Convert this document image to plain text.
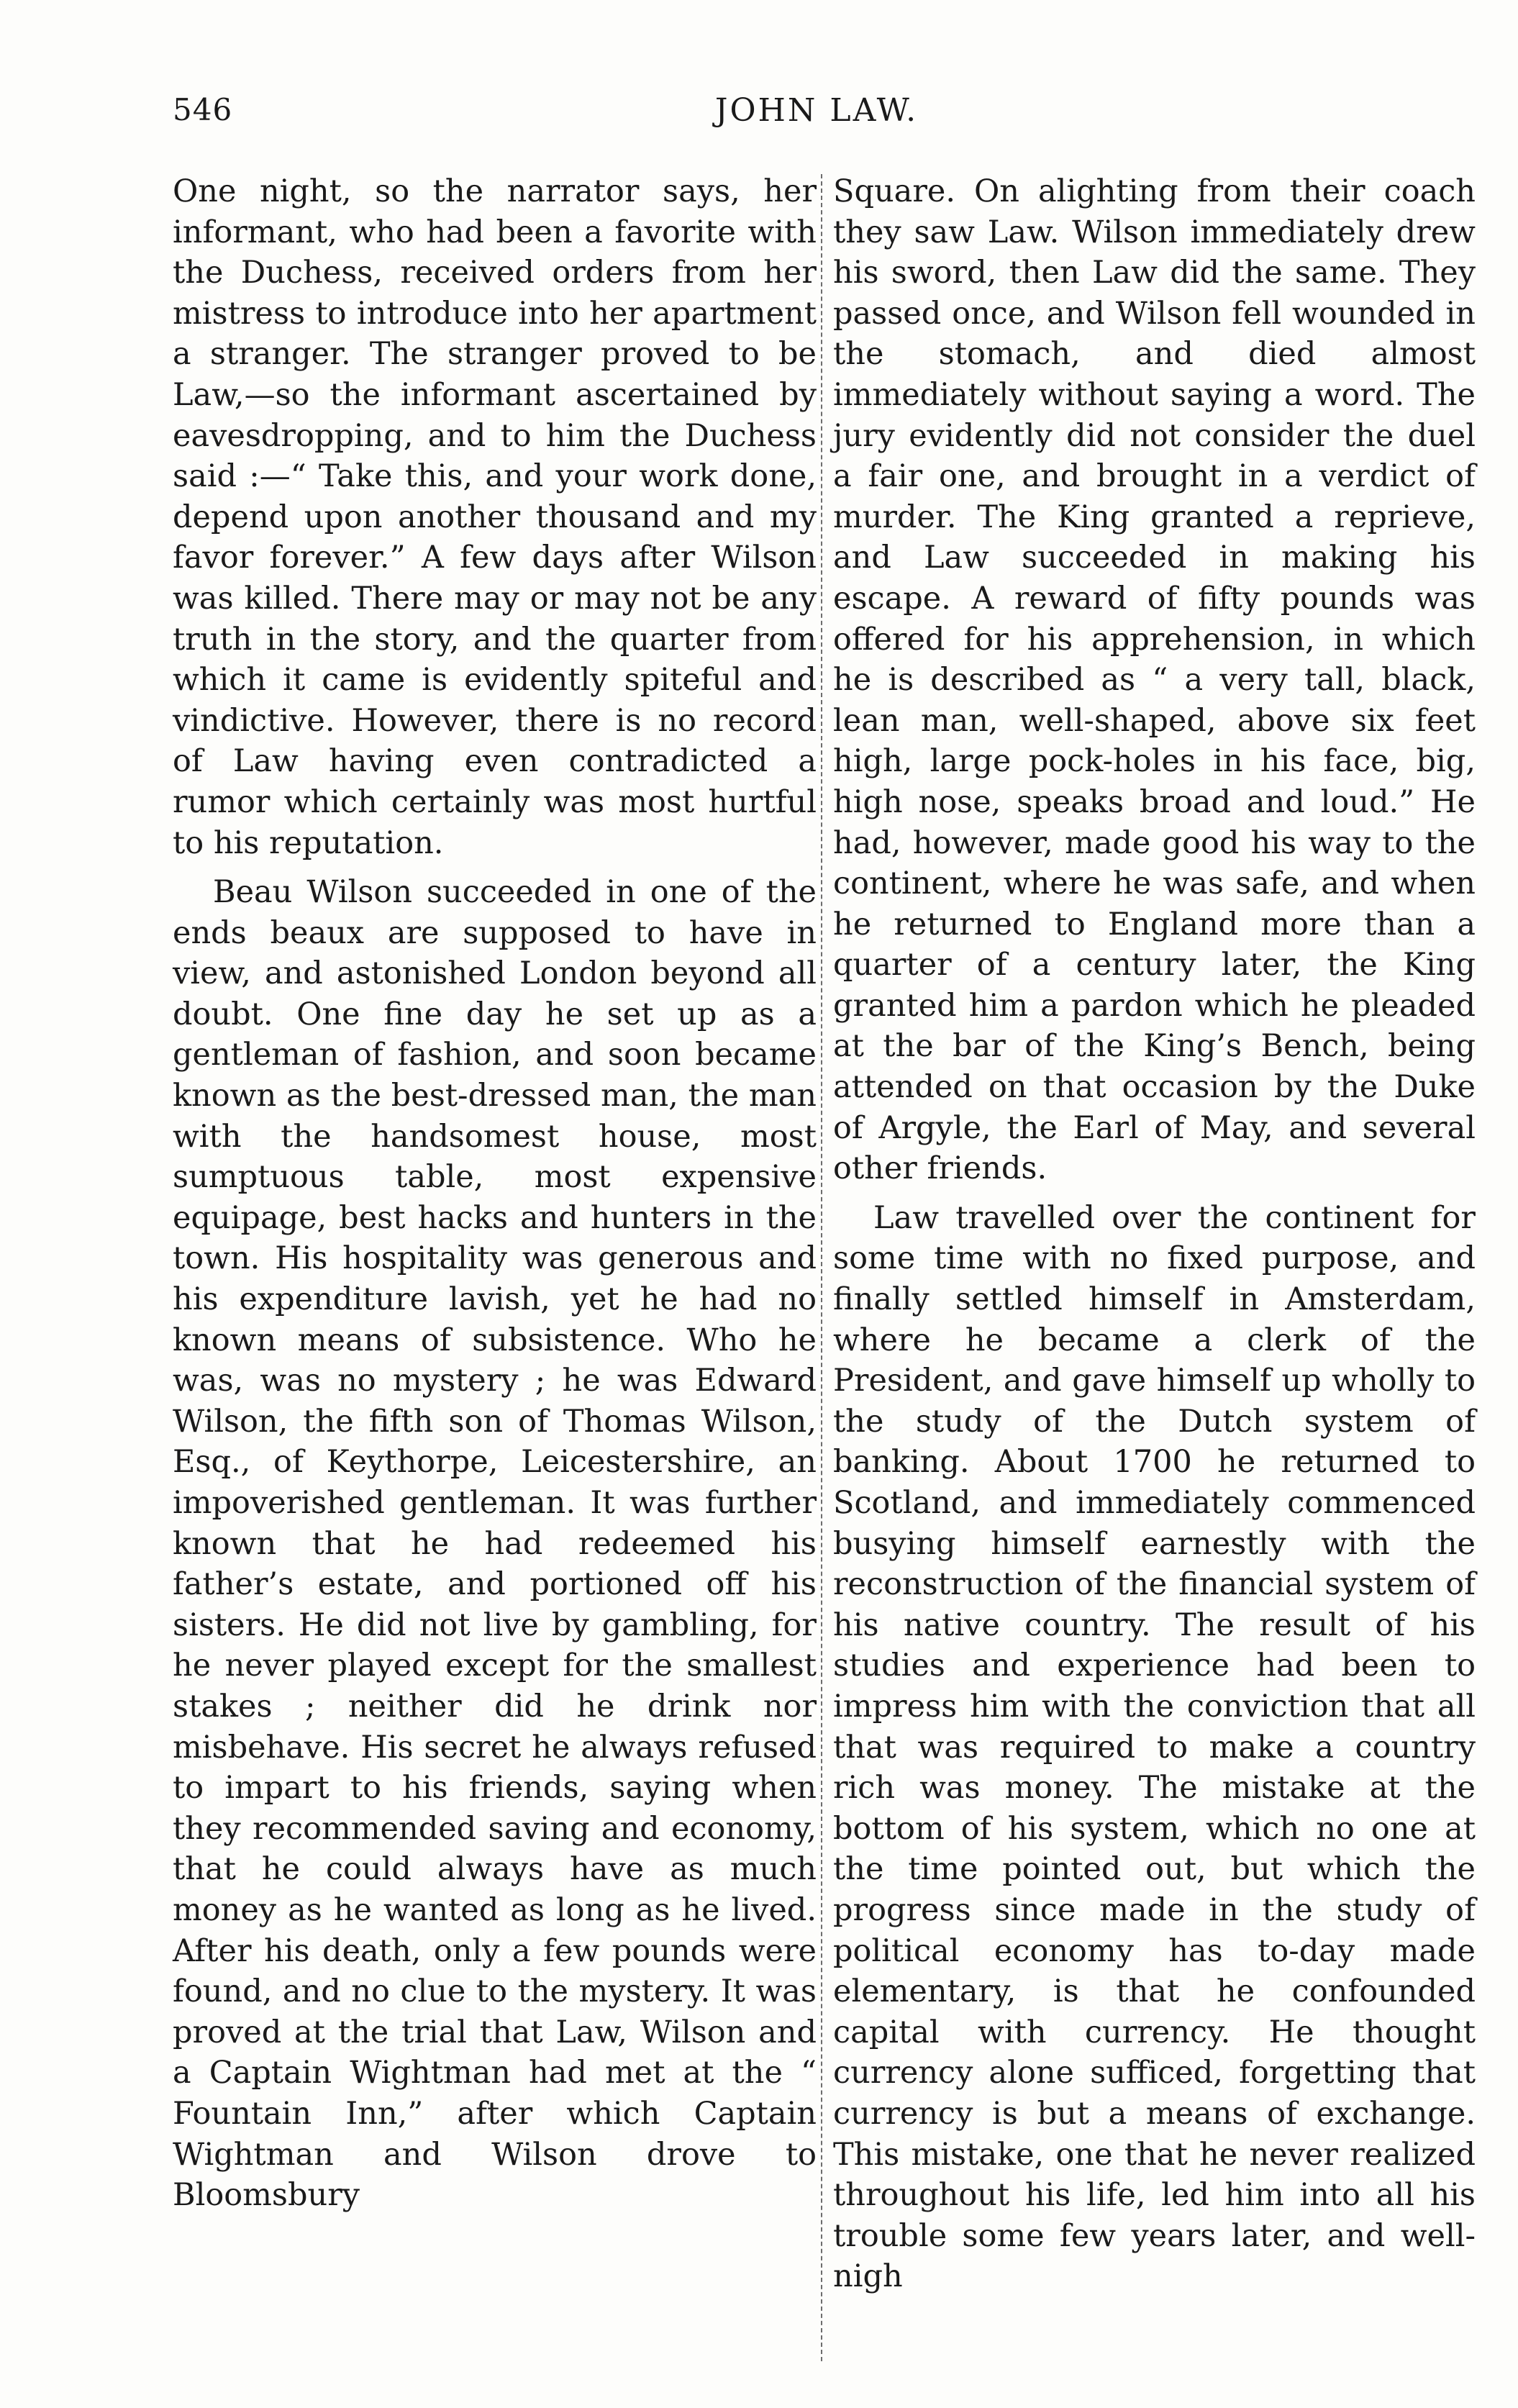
546	JOHN LAW.

One night, so the narrator says, her informant, who had been a favorite with the Duchess, received orders from her mistress to introduce into her apartment a stranger. The stranger proved to be Law,—so the informant ascertained by eavesdropping, and to him the Duchess said :—“ Take this, and your work done, depend upon another thousand and my favor forever.” A few days after Wilson was killed. There may or may not be any truth in the story, and the quarter from which it came is evidently spiteful and vindictive. However, there is no record of Law having even contradicted a rumor which certainly was most hurtful to his reputation.

Beau Wilson succeeded in one of the ends beaux are supposed to have in view, and astonished London beyond all doubt. One fine day he set up as a gentleman of fashion, and soon became known as the best-dressed man, the man with the handsomest house, most sumptuous table, most expensive equipage, best hacks and hunters in the town. His hospitality was generous and his expenditure lavish, yet he had no known means of subsistence. Who he was, was no mystery ; he was Edward Wilson, the fifth son of Thomas Wilson, Esq., of Keythorpe, Leicestershire, an impoverished gentleman. It was further known that he had redeemed his father’s estate, and portioned off his sisters. He did not live by gambling, for he never played except for the smallest stakes ; neither did he drink nor misbehave. His secret he always refused to impart to his friends, saying when they recommended saving and economy, that he could always have as much money as he wanted as long as he lived. After his death, only a few pounds were found, and no clue to the mystery. It was proved at the trial that Law, Wilson and a Captain Wightman had met at the “ Fountain Inn,” after which Captain Wightman and Wilson drove to Bloomsbury

Square. On alighting from their coach they saw Law. Wilson immediately drew his sword, then Law did the same. They passed once, and Wilson fell wounded in the stomach, and died almost immediately without saying a word. The jury evidently did not consider the duel a fair one, and brought in a verdict of murder. The King granted a reprieve, and Law succeeded in making his escape. A reward of fifty pounds was offered for his apprehension, in which he is described as “ a very tall, black, lean man, well-shaped, above six feet high, large pock-holes in his face, big, high nose, speaks broad and loud.” He had, however, made good his way to the continent, where he was safe, and when he returned to England more than a quarter of a century later, the King granted him a pardon which he pleaded at the bar of the King’s Bench, being attended on that occasion by the Duke of Argyle, the Earl of May, and several other friends.

Law travelled over the continent for some time with no fixed purpose, and finally settled himself in Amsterdam, where he became a clerk of the President, and gave himself up wholly to the study of the Dutch system of banking. About 1700 he returned to Scotland, and immediately commenced busying himself earnestly with the reconstruction of the financial system of his native country. The result of his studies and experience had been to impress him with the conviction that all that was required to make a country rich was money. The mistake at the bottom of his system, which no one at the time pointed out, but which the progress since made in the study of political economy has to-day made elementary, is that he confounded capital with currency. He thought currency alone sufficed, forgetting that currency is but a means of exchange. This mistake, one that he never realized throughout his life, led him into all his trouble some few years later, and well-nigh
